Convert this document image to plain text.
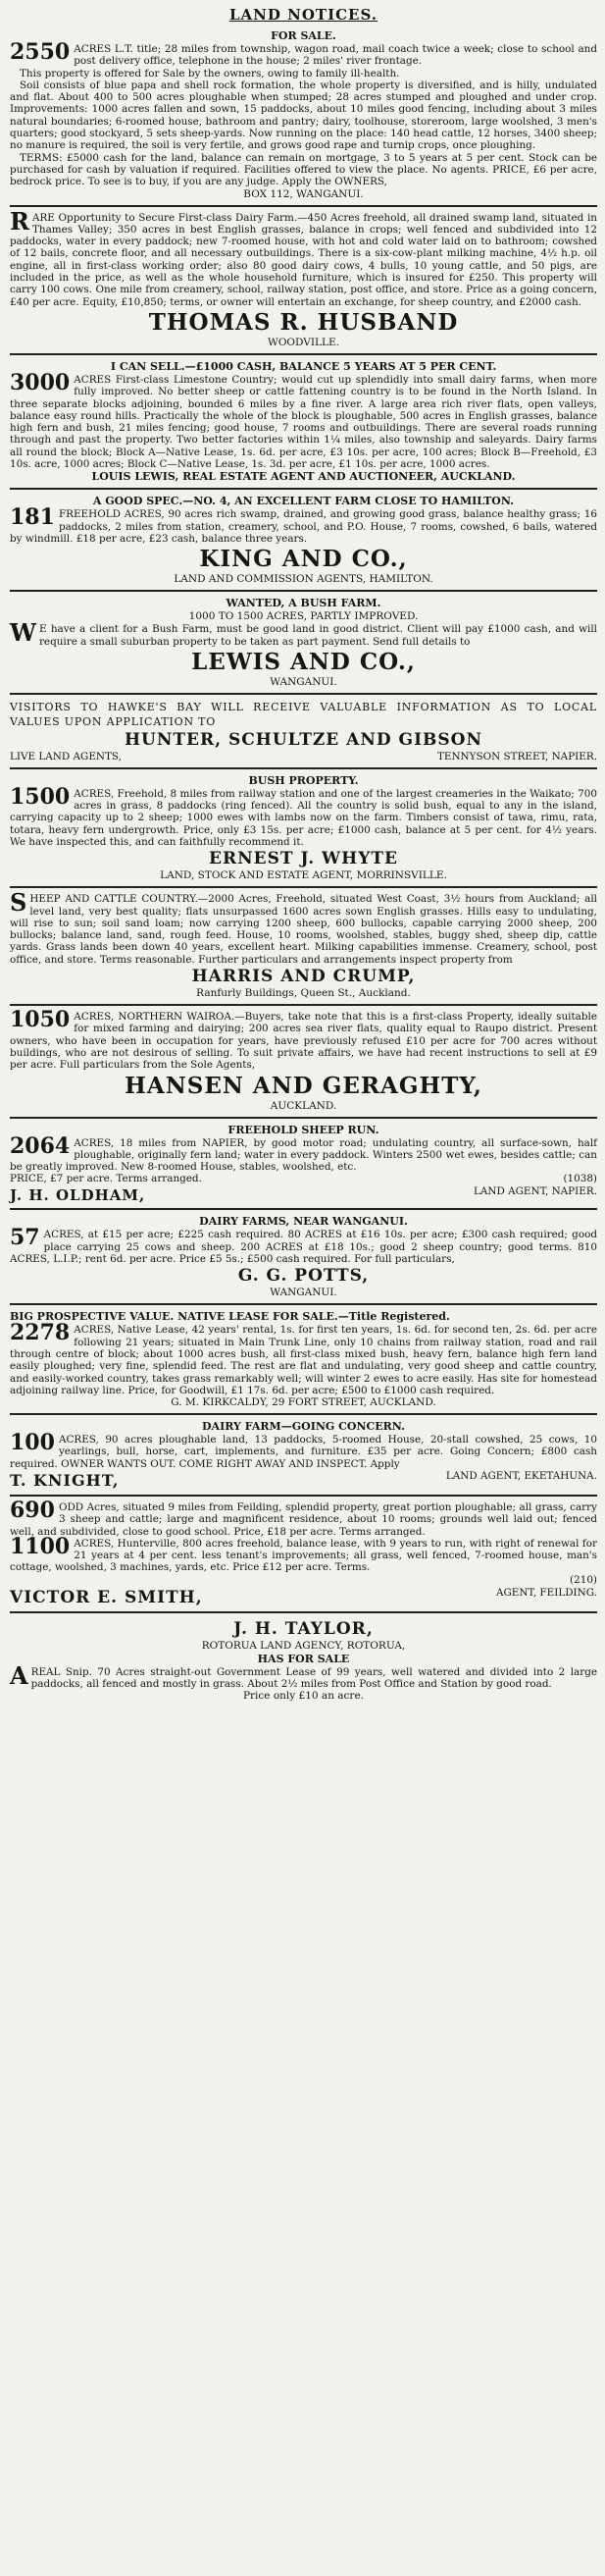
LAND NOTICES.
FOR SALE.
2550 ACRES L.T. title; 28 miles from township, wagon road, mail coach twice a week; close to school and post delivery office, telephone in the house; 2 miles' river frontage.

This property is offered for Sale by the owners, owing to family ill-health.

Soil consists of blue papa and shell rock formation, the whole property is diversified, and is hilly, undulated and flat. About 400 to 500 acres ploughable when stumped; 28 acres stumped and ploughed and under crop. Improvements: 1000 acres fallen and sown, 15 paddocks, about 10 miles good fencing, including about 3 miles natural boundaries; 6-roomed house, bathroom and pantry; dairy, toolhouse, storeroom, large woolshed, 3 men's quarters; good stockyard, 5 sets sheep-yards. Now running on the place: 140 head cattle, 12 horses, 3400 sheep; no manure is required, the soil is very fertile, and grows good rape and turnip crops, once ploughing.

TERMS: £5000 cash for the land, balance can remain on mortgage, 3 to 5 years at 5 per cent. Stock can be purchased for cash by valuation if required. Facilities offered to view the place. No agents. PRICE, £6 per acre, bedrock price. To see is to buy, if you are any judge. Apply the OWNERS,

BOX 112, WANGANUI.
R ARE Opportunity to Secure First-class Dairy Farm.—450 Acres freehold, all drained swamp land, situated in Thames Valley; 350 acres in best English grasses, balance in crops; well fenced and subdivided into 12 paddocks, water in every paddock; new 7-roomed house, with hot and cold water laid on to bathroom; cowshed of 12 bails, concrete floor, and all necessary outbuildings. There is a six-cow-plant milking machine, 4½ h.p. oil engine, all in first-class working order; also 80 good dairy cows, 4 bulls, 10 young cattle, and 50 pigs, are included in the price, as well as the whole household furniture, which is insured for £250. This property will carry 100 cows. One mile from creamery, school, railway station, post office, and store. Price as a going concern, £40 per acre. Equity, £10,850; terms, or owner will entertain an exchange, for sheep country, and £2000 cash.

THOMAS R. HUSBAND
WOODVILLE.
I CAN SELL.—£1000 CASH, BALANCE 5 YEARS AT 5 PER CENT.
3000 ACRES First-class Limestone Country; would cut up splendidly into small dairy farms, when more fully improved. No better sheep or cattle fattening country is to be found in the North Island. In three separate blocks adjoining, bounded 6 miles by a fine river. A large area rich river flats, open valleys, balance easy round hills. Practically the whole of the block is ploughable, 500 acres in English grasses, balance high fern and bush, 21 miles fencing; good house, 7 rooms and outbuildings. There are several roads running through and past the property. Two better factories within 1¼ miles, also township and saleyards. Dairy farms all round the block; Block A—Native Lease, 1s. 6d. per acre, £3 10s. per acre, 100 acres; Block B—Freehold, £3 10s. acre, 1000 acres; Block C—Native Lease, 1s. 3d. per acre, £1 10s. per acre, 1000 acres.

LOUIS LEWIS, REAL ESTATE AGENT AND AUCTIONEER, AUCKLAND.
A GOOD SPEC.—NO. 4, AN EXCELLENT FARM CLOSE TO HAMILTON.
181 FREEHOLD ACRES, 90 acres rich swamp, drained, and growing good grass, balance healthy grass; 16 paddocks, 2 miles from station, creamery, school, and P.O. House, 7 rooms, cowshed, 6 bails, watered by windmill. £18 per acre, £23 cash, balance three years.

KING AND CO.,
LAND AND COMMISSION AGENTS, HAMILTON.
WANTED, A BUSH FARM.
1000 TO 1500 ACRES, PARTLY IMPROVED.
W E have a client for a Bush Farm, must be good land in good district. Client will pay £1000 cash, and will require a small suburban property to be taken as part payment. Send full details to

LEWIS AND CO.,
WANGANUI.

VISITORS TO HAWKE'S BAY WILL RECEIVE VALUABLE INFORMATION AS TO LOCAL VALUES UPON APPLICATION TO

HUNTER, SCHULTZE AND GIBSON
LIVE LAND AGENTS,	TENNYSON STREET, NAPIER.
BUSH PROPERTY.
1500 ACRES, Freehold, 8 miles from railway station and one of the largest creameries in the Waikato; 700 acres in grass, 8 paddocks (ring fenced). All the country is solid bush, equal to any in the island, carrying capacity up to 2 sheep; 1000 ewes with lambs now on the farm. Timbers consist of tawa, rimu, rata, totara, heavy fern undergrowth. Price, only £3 15s. per acre; £1000 cash, balance at 5 per cent. for 4½ years. We have inspected this, and can faithfully recommend it.

ERNEST J. WHYTE
LAND, STOCK AND ESTATE AGENT, MORRINSVILLE.
S HEEP AND CATTLE COUNTRY.—2000 Acres, Freehold, situated West Coast, 3½ hours from Auckland; all level land, very best quality; flats unsurpassed 1600 acres sown English grasses. Hills easy to undulating, will rise to sun; soil sand loam; now carrying 1200 sheep, 600 bullocks, capable carrying 2000 sheep, 200 bullocks; balance land, sand, rough feed. House, 10 rooms, woolshed, stables, buggy shed, sheep dip, cattle yards. Grass lands been down 40 years, excellent heart. Milking capabilities immense. Creamery, school, post office, and store. Terms reasonable. Further particulars and arrangements inspect property from

HARRIS AND CRUMP,
Ranfurly Buildings, Queen St., Auckland.
1050 ACRES, NORTHERN WAIROA.—Buyers, take note that this is a first-class Property, ideally suitable for mixed farming and dairying; 200 acres sea river flats, quality equal to Raupo district. Present owners, who have been in occupation for years, have previously refused £10 per acre for 700 acres without buildings, who are not desirous of selling. To suit private affairs, we have had recent instructions to sell at £9 per acre. Full particulars from the Sole Agents,

HANSEN AND GERAGHTY,
AUCKLAND.
FREEHOLD SHEEP RUN.
2064 ACRES, 18 miles from NAPIER, by good motor road; undulating country, all surface-sown, half ploughable, originally fern land; water in every paddock. Winters 2500 wet ewes, besides cattle; can be greatly improved. New 8-roomed House, stables, woolshed, etc.

PRICE, £7 per acre. Terms arranged.	(1038)
J. H. OLDHAM,	LAND AGENT, NAPIER.
DAIRY FARMS, NEAR WANGANUI.
57 ACRES, at £15 per acre; £225 cash required. 80 ACRES at £16 10s. per acre; £300 cash required; good place carrying 25 cows and sheep. 200 ACRES at £18 10s.; good 2 sheep country; good terms. 810 ACRES, L.I.P.; rent 6d. per acre. Price £5 5s.; £500 cash required. For full particulars,

G. G. POTTS,
WANGANUI.
BIG PROSPECTIVE VALUE. NATIVE LEASE FOR SALE.—Title Registered.
2278 ACRES, Native Lease, 42 years' rental, 1s. for first ten years, 1s. 6d. for second ten, 2s. 6d. per acre following 21 years; situated in Main Trunk Line, only 10 chains from railway station, road and rail through centre of block; about 1000 acres bush, all first-class mixed bush, heavy fern, balance high fern land easily ploughed; very fine, splendid feed. The rest are flat and undulating, very good sheep and cattle country, and easily-worked country, takes grass remarkably well; will winter 2 ewes to acre easily. Has site for homestead adjoining railway line. Price, for Goodwill, £1 17s. 6d. per acre; £500 to £1000 cash required.

G. M. KIRKCALDY, 29 FORT STREET, AUCKLAND.
DAIRY FARM—GOING CONCERN.
100 ACRES, 90 acres ploughable land, 13 paddocks, 5-roomed House, 20-stall cowshed, 25 cows, 10 yearlings, bull, horse, cart, implements, and furniture. £35 per acre. Going Concern; £800 cash required. OWNER WANTS OUT. COME RIGHT AWAY AND INSPECT. Apply

T. KNIGHT,	LAND AGENT, EKETAHUNA.
690 ODD Acres, situated 9 miles from Feilding, splendid property, great portion ploughable; all grass, carry 3 sheep and cattle; large and magnificent residence, about 10 rooms; grounds well laid out; fenced well, and subdivided, close to good school. Price, £18 per acre. Terms arranged.

1100 ACRES, Hunterville, 800 acres freehold, balance lease, with 9 years to run, with right of renewal for 21 years at 4 per cent. less tenant's improvements; all grass, well fenced, 7-roomed house, man's cottage, woolshed, 3 machines, yards, etc. Price £12 per acre. Terms.

(210)
VICTOR E. SMITH,	AGENT, FEILDING.
J. H. TAYLOR,
ROTORUA LAND AGENCY, ROTORUA,
HAS FOR SALE
A REAL Snip. 70 Acres straight-out Government Lease of 99 years, well watered and divided into 2 large paddocks, all fenced and mostly in grass. About 2½ miles from Post Office and Station by good road.

Price only £10 an acre.
